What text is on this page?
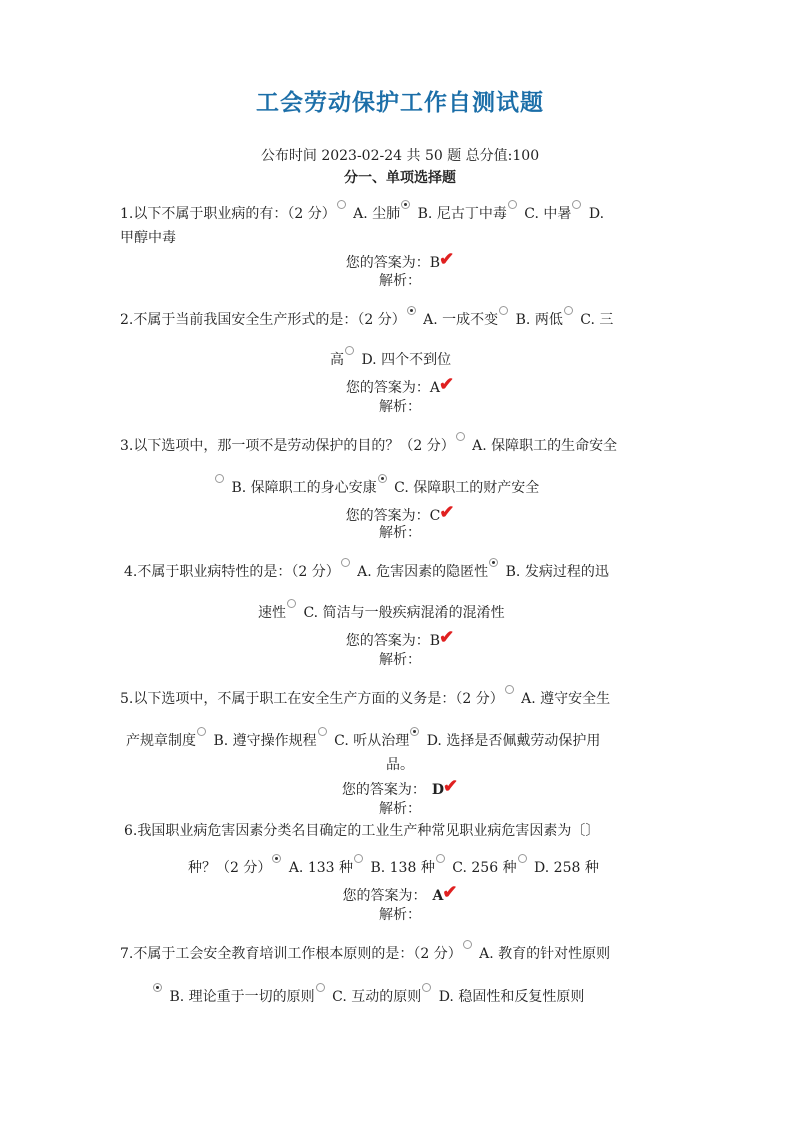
工会劳动保护工作自测试题
公布时间 2023-02-24 共 50 题 总分值:100
分一、单项选择题
1.以下不属于职业病的有：（2 分） A. 尘肺 B. 尼古丁中毒 C. 中暑 D.
甲醇中毒
您的答案为：B✔
解析：
2.不属于当前我国安全生产形式的是：（2 分） A. 一成不变 B. 两低 C. 三
高 D. 四个不到位
您的答案为：A✔
解析：
3.以下选项中，那一项不是劳动保护的目的？（2 分） A. 保障职工的生命安全
B. 保障职工的身心安康 C. 保障职工的财产安全
您的答案为：C✔
解析：
4.不属于职业病特性的是：（2 分） A. 危害因素的隐匿性 B. 发病过程的迅
速性 C. 简洁与一般疾病混淆的混淆性
您的答案为：B✔
解析：
5.以下选项中，不属于职工在安全生产方面的义务是：（2 分） A. 遵守安全生
产规章制度 B. 遵守操作规程 C. 听从治理 D. 选择是否佩戴劳动保护用
品。
您的答案为： D✔
解析：
6.我国职业病危害因素分类名目确定的工业生产种常见职业病危害因素为〔〕
种？（2 分） A. 133 种 B. 138 种 C. 256 种 D. 258 种
您的答案为： A✔
解析：
7.不属于工会安全教育培训工作根本原则的是：（2 分） A. 教育的针对性原则
B. 理论重于一切的原则 C. 互动的原则 D. 稳固性和反复性原则
